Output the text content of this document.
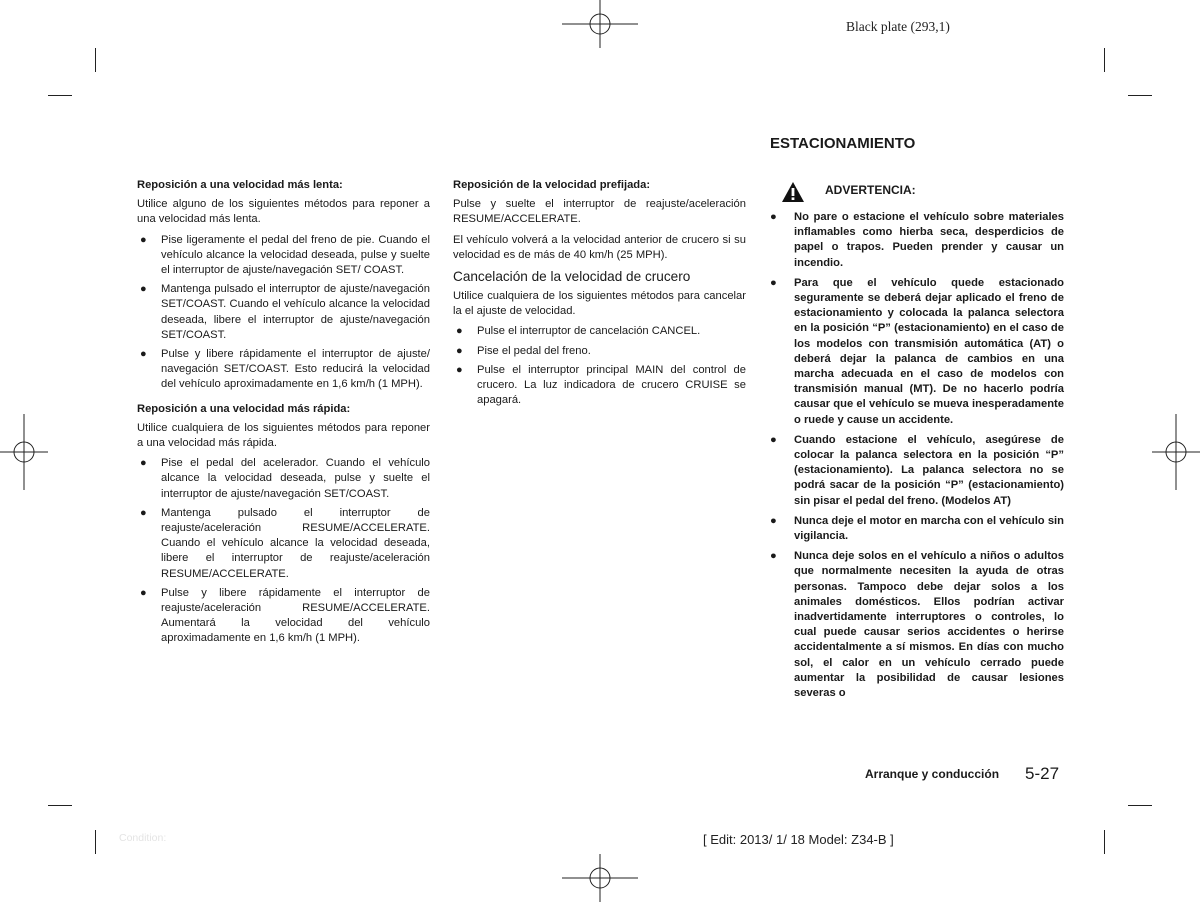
Black plate (293,1)
Reposición a una velocidad más lenta:

Utilice alguno de los siguientes métodos para reponer a una velocidad más lenta.

● Pise ligeramente el pedal del freno de pie. Cuando el vehículo alcance la velocidad deseada, pulse y suelte el interruptor de ajuste/navegación SET/ COAST.
● Mantenga pulsado el interruptor de ajuste/navegación SET/COAST. Cuando el vehículo alcance la velocidad deseada, libere el interruptor de ajuste/navegación SET/COAST.
● Pulse y libere rápidamente el interruptor de ajuste/ navegación SET/COAST. Esto reducirá la velocidad del vehículo aproximadamente en 1,6 km/h (1 MPH).
Reposición a una velocidad más rápida:

Utilice cualquiera de los siguientes métodos para reponer a una velocidad más rápida.

● Pise el pedal del acelerador. Cuando el vehículo alcance la velocidad deseada, pulse y suelte el interruptor de ajuste/navegación SET/COAST.
● Mantenga pulsado el interruptor de reajuste/aceleración RESUME/ACCELERATE. Cuando el vehículo alcance la velocidad deseada, libere el interruptor de reajuste/aceleración RESUME/ACCELERATE.
● Pulse y libere rápidamente el interruptor de reajuste/aceleración RESUME/ACCELERATE. Aumentará la velocidad del vehículo aproximadamente en 1,6 km/h (1 MPH).
Reposición de la velocidad prefijada:

Pulse y suelte el interruptor de reajuste/aceleración RESUME/ACCELERATE.

El vehículo volverá a la velocidad anterior de crucero si su velocidad es de más de 40 km/h (25 MPH).

Cancelación de la velocidad de crucero

Utilice cualquiera de los siguientes métodos para cancelar la el ajuste de velocidad.

● Pulse el interruptor de cancelación CANCEL.
● Pise el pedal del freno.
● Pulse el interruptor principal MAIN del control de crucero. La luz indicadora de crucero CRUISE se apagará.
ESTACIONAMIENTO
ADVERTENCIA:
● No pare o estacione el vehículo sobre materiales inflamables como hierba seca, desperdicios de papel o trapos. Pueden prender y causar un incendio.
● Para que el vehículo quede estacionado seguramente se deberá dejar aplicado el freno de estacionamiento y colocada la palanca selectora en la posición “P” (estacionamiento) en el caso de los modelos con transmisión automática (AT) o deberá dejar la palanca de cambios en una marcha adecuada en el caso de modelos con transmisión manual (MT). De no hacerlo podría causar que el vehículo se mueva inesperadamente o ruede y cause un accidente.
● Cuando estacione el vehículo, asegúrese de colocar la palanca selectora en la posición “P” (estacionamiento). La palanca selectora no se podrá sacar de la posición “P” (estacionamiento) sin pisar el pedal del freno. (Modelos AT)
● Nunca deje el motor en marcha con el vehículo sin vigilancia.
● Nunca deje solos en el vehículo a niños o adultos que normalmente necesiten la ayuda de otras personas. Tampoco debe dejar solos a los animales domésticos. Ellos podrían activar inadvertidamente interruptores o controles, lo cual puede causar serios accidentes o herirse accidentalmente a sí mismos. En días con mucho sol, el calor en un vehículo cerrado puede aumentar la posibilidad de causar lesiones severas o
Arranque y conducción 5-27
Condition:	[ Edit: 2013/ 1/ 18 Model: Z34-B ]
